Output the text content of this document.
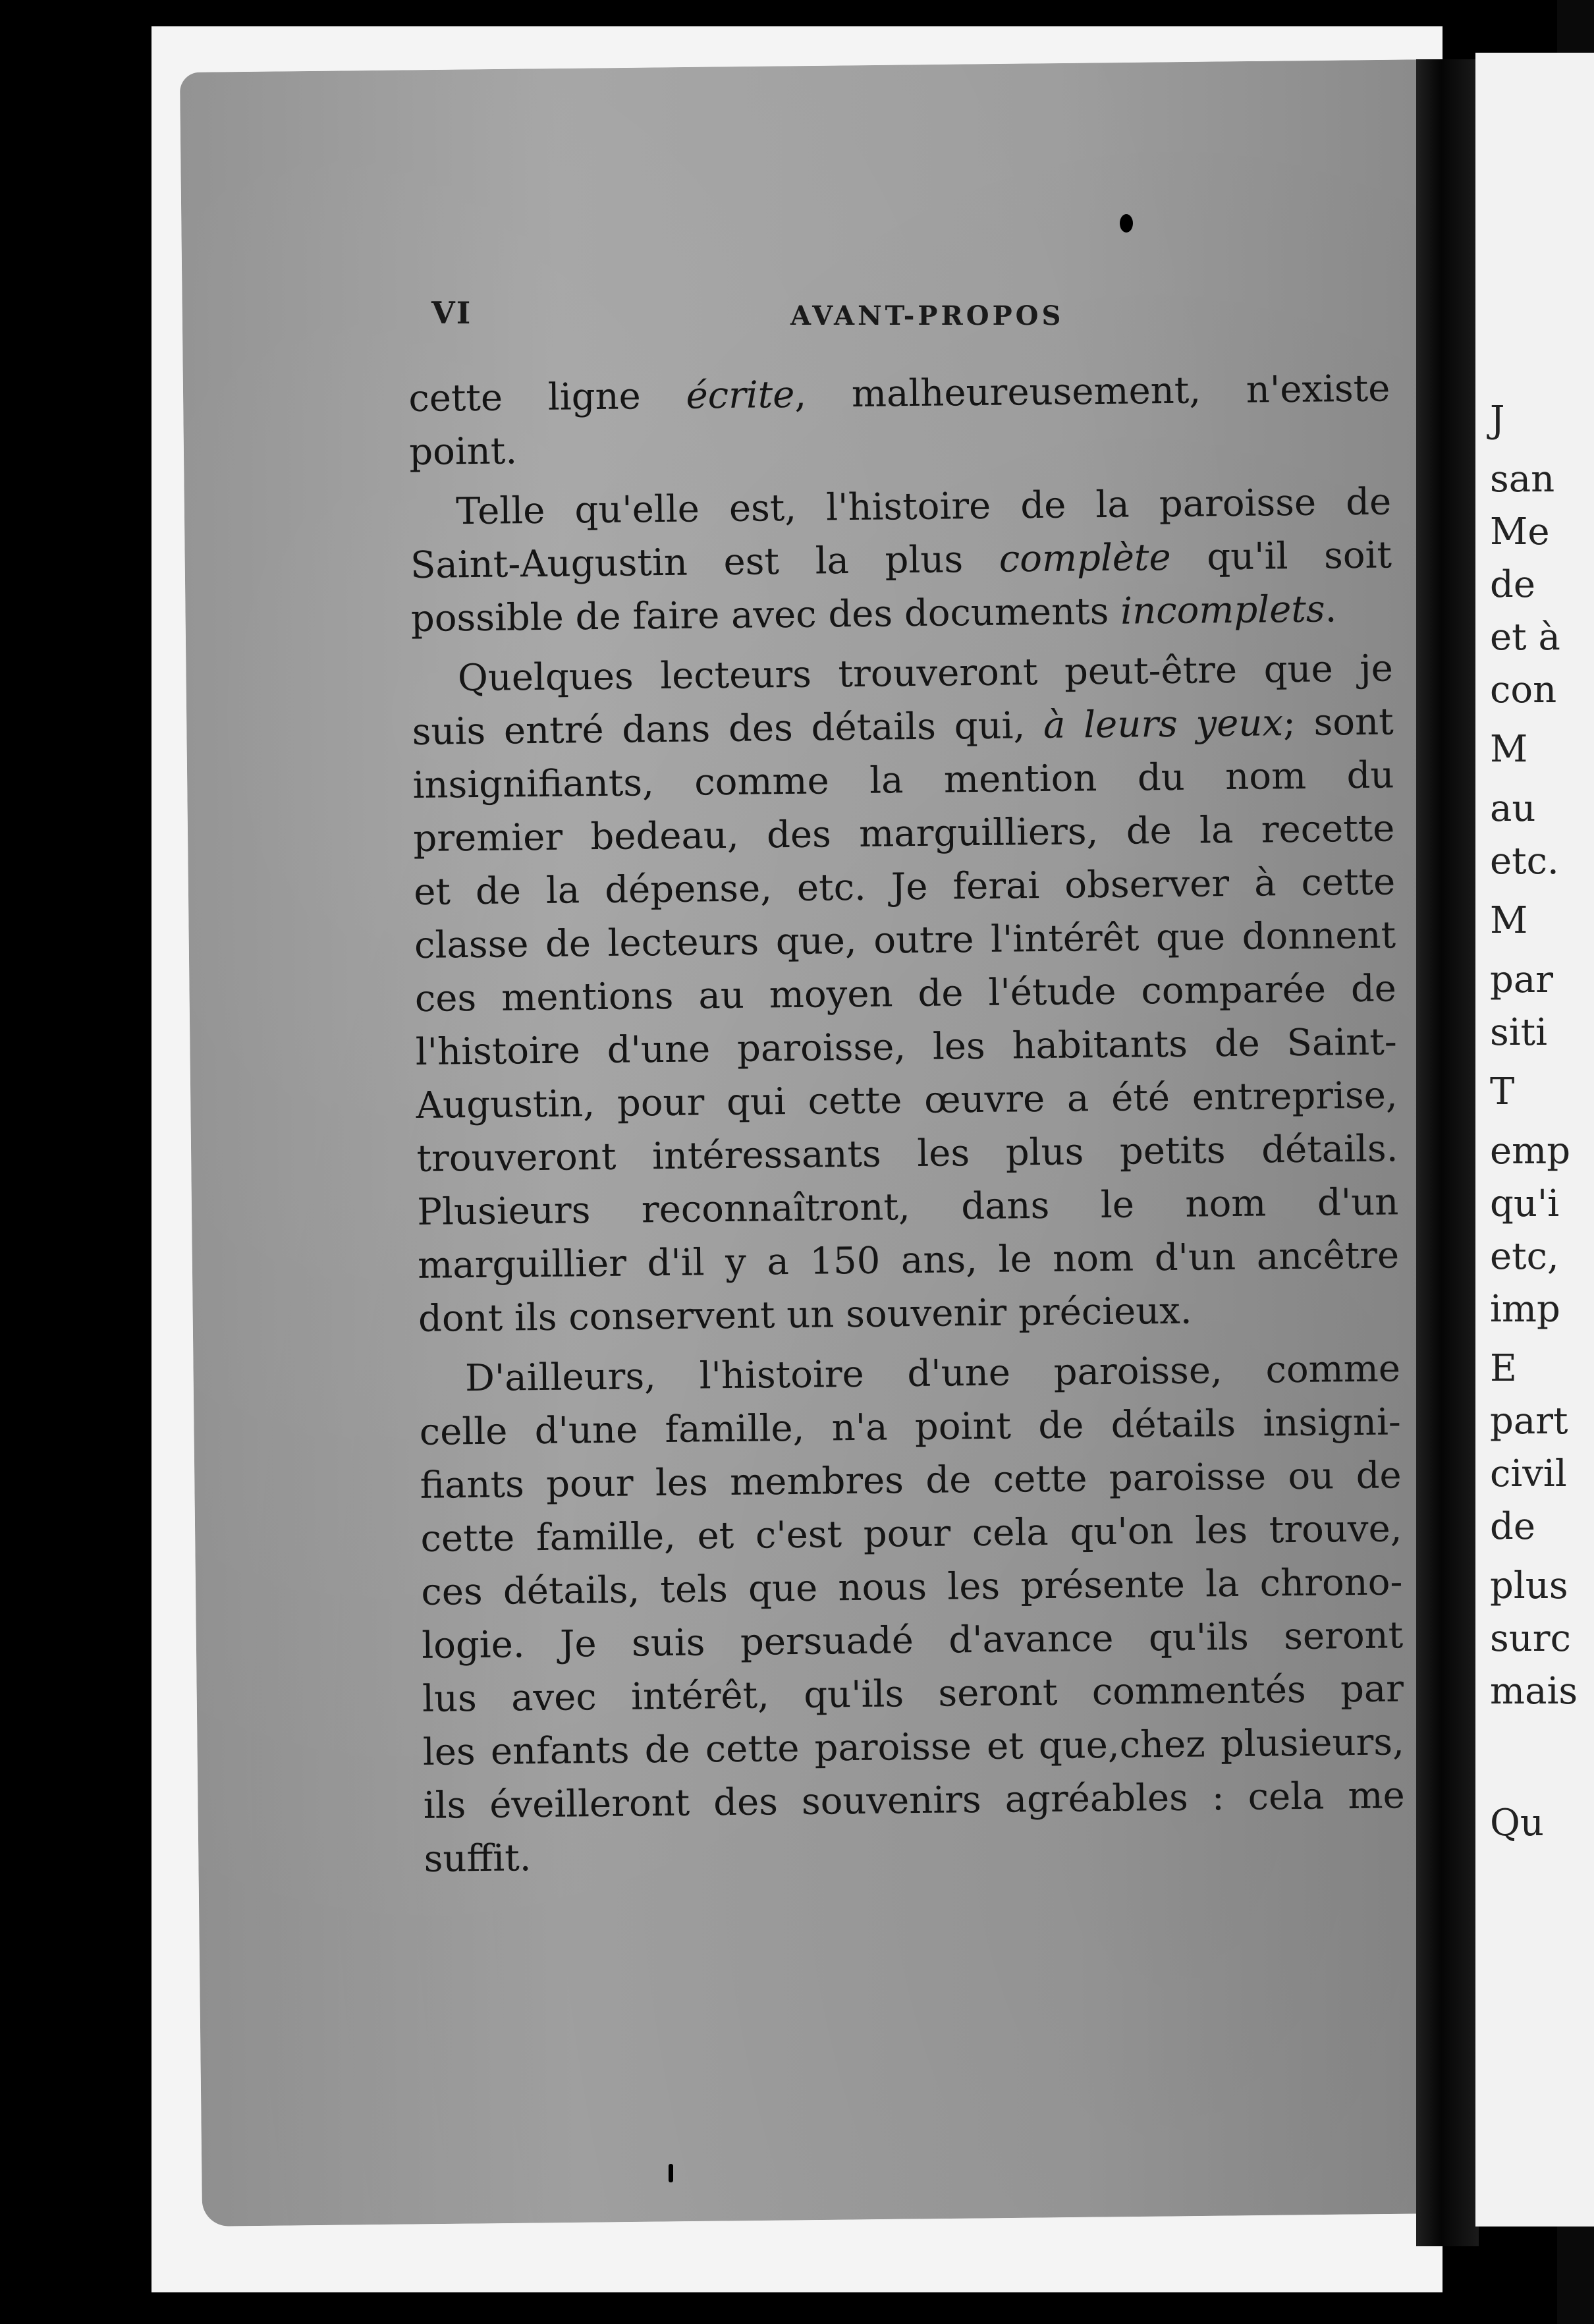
J
san
Me
de
et à
con
M
au
etc.
M
par
siti
T
emp
qu'i
etc,
imp
E
part
civil
de
plus
surc
mais
Qu
VI	AVANT-PROPOS
cette ligne écrite, malheureusement, n'existe
point.
Telle qu'elle est, l'histoire de la paroisse de
Saint-Augustin est la plus complète qu'il soit
possible de faire avec des documents incomplets.
Quelques lecteurs trouveront peut-être que je
suis entré dans des détails qui, à leurs yeux; sont
insignifiants, comme la mention du nom du
premier bedeau, des marguilliers, de la recette
et de la dépense, etc. Je ferai observer à cette
classe de lecteurs que, outre l'intérêt que donnent
ces mentions au moyen de l'étude comparée de
l'histoire d'une paroisse, les habitants de Saint-
Augustin, pour qui cette œuvre a été entreprise,
trouveront intéressants les plus petits détails.
Plusieurs reconnaîtront, dans le nom d'un
marguillier d'il y a 150 ans, le nom d'un ancêtre
dont ils conservent un souvenir précieux.
D'ailleurs, l'histoire d'une paroisse, comme
celle d'une famille, n'a point de détails insigni-
fiants pour les membres de cette paroisse ou de
cette famille, et c'est pour cela qu'on les trouve,
ces détails, tels que nous les présente la chrono-
logie. Je suis persuadé d'avance qu'ils seront
lus avec intérêt, qu'ils seront commentés par
les enfants de cette paroisse et que,chez plusieurs,
ils éveilleront des souvenirs agréables : cela me
suffit.
